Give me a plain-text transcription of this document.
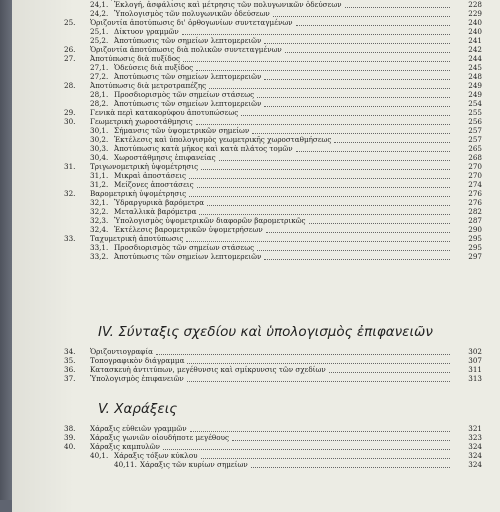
24,1. Ἐκλογή, ἀσφάλισις καὶ μέτρησις τῶν πολυγωνικῶν ὁδεύσεων	228
24,2. Ὑπολογισμὸς τῶν πολυγωνικῶν ὁδεύσεων	229
25. Ὁριζοντία ἀποτύπωσις δι' ὀρθογωνίων συντεταγμένων	240
25,1. Δίκτυον γραμμῶν	240
25,2. Ἀποτύπωσις τῶν σημείων λεπτομερειῶν	241
26. Ὁριζοντία ἀποτύπωσις διὰ πολικῶν συντεταγμένων	242
27. Ἀποτύπωσις διὰ πυξίδος	244
27,1. Ὁδεύσεις διὰ πυξίδος	245
27,2. Ἀποτύπωσις τῶν σημείων λεπτομερειῶν	248
28. Ἀποτύπωσις διὰ μετροτραπέζης	249
28,1. Προσδιορισμὸς τῶν σημείων στάσεως	249
28,2. Ἀποτύπωσις τῶν σημείων λεπτομερειῶν	254
29. Γενικὰ περὶ κατακορύφου ἀποτυπώσεως	255
30. Γεωμετρικὴ χωροστάθμησις	256
30,1. Σήμανσις τῶν ὑψομετρικῶν σημείων	257
30,2. Ἐκτέλεσις καὶ ὑπολογισμὸς γεωμετρικῆς χωροσταθμήσεως	257
30,3. Ἀποτύπωσις κατὰ μῆκος καὶ κατὰ πλάτος τομῶν	265
30,4. Χωροστάθμησις ἐπιφανείας	268
31. Τριγωνομετρικὴ ὑψομέτρησις	270
31,1. Μικραὶ ἀποστάσεις	270
31,2. Μείζονες ἀποστάσεις	274
32. Βαρομετρικὴ ὑψομέτρησις	276
32,1. Ὑδραργυρικὰ βαρόμετρα	276
32,2. Μεταλλικὰ βαρόμετρα	282
32,3. Ὑπολογισμὸς ὑψομετρικῶν διαφορῶν βαρομετρικῶς	287
32,4. Ἐκτέλεσις βαρομετρικῶν ὑψομετρήσεων	290
33. Ταχυμετρικὴ ἀποτύπωσις	295
33,1. Προσδιορισμὸς τῶν σημείων στάσεως	295
33,2. Ἀποτύπωσις τῶν σημείων λεπτομερειῶν	297
IV. Σύνταξις σχεδίου καὶ ὑπολογισμὸς ἐπιφανειῶν
34. Ὁριζοντιογραφία	302
35. Τοπογραφικὸν διάγραμμα	307
36. Κατασκευὴ ἀντιτύπων, μεγέθυνσις καὶ σμίκρυνσις τῶν σχεδίων	311
37. Ὑπολογισμὸς ἐπιφανειῶν	313
V. Χαράξεις
38. Χάραξις εὐθειῶν γραμμῶν	321
39. Χάραξις γωνιῶν οἱουδήποτε μεγέθους	323
40. Χάραξις καμπυλῶν	324
40,1. Χάραξις τόξων κύκλου	324
40,11. Χάραξις τῶν κυρίων σημείων	324
